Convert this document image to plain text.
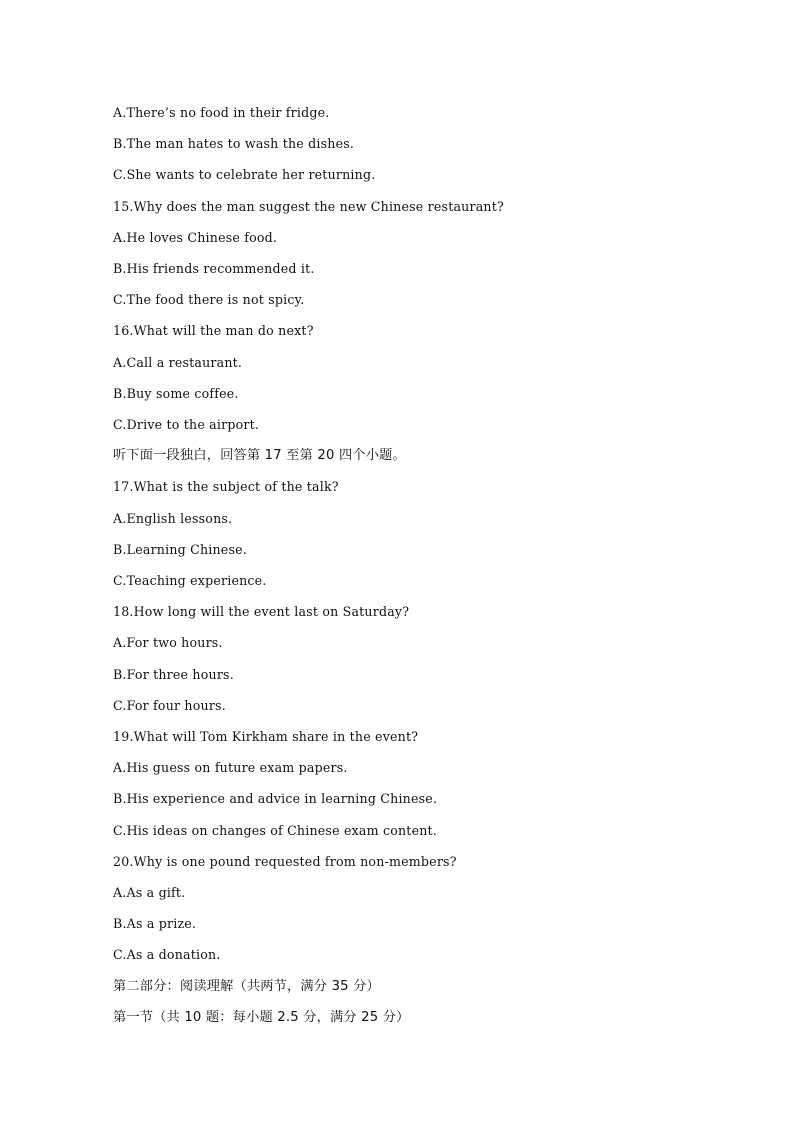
A.There’s no food in their fridge.
B.The man hates to wash the dishes.
C.She wants to celebrate her returning.
15.Why does the man suggest the new Chinese restaurant?
A.He loves Chinese food.
B.His friends recommended it.
C.The food there is not spicy.
16.What will the man do next?
A.Call a restaurant.
B.Buy some coffee.
C.Drive to the airport.
听下面一段独白，回答第 17 至第 20 四个小题。
17.What is the subject of the talk?
A.English lessons.
B.Learning Chinese.
C.Teaching experience.
18.How long will the event last on Saturday?
A.For two hours.
B.For three hours.
C.For four hours.
19.What will Tom Kirkham share in the event?
A.His guess on future exam papers.
B.His experience and advice in learning Chinese.
C.His ideas on changes of Chinese exam content.
20.Why is one pound requested from non-members?
A.As a gift.
B.As a prize.
C.As a donation.
第二部分：阅读理解（共两节，满分 35 分）
第一节（共 10 题：每小题 2.5 分，满分 25 分）
